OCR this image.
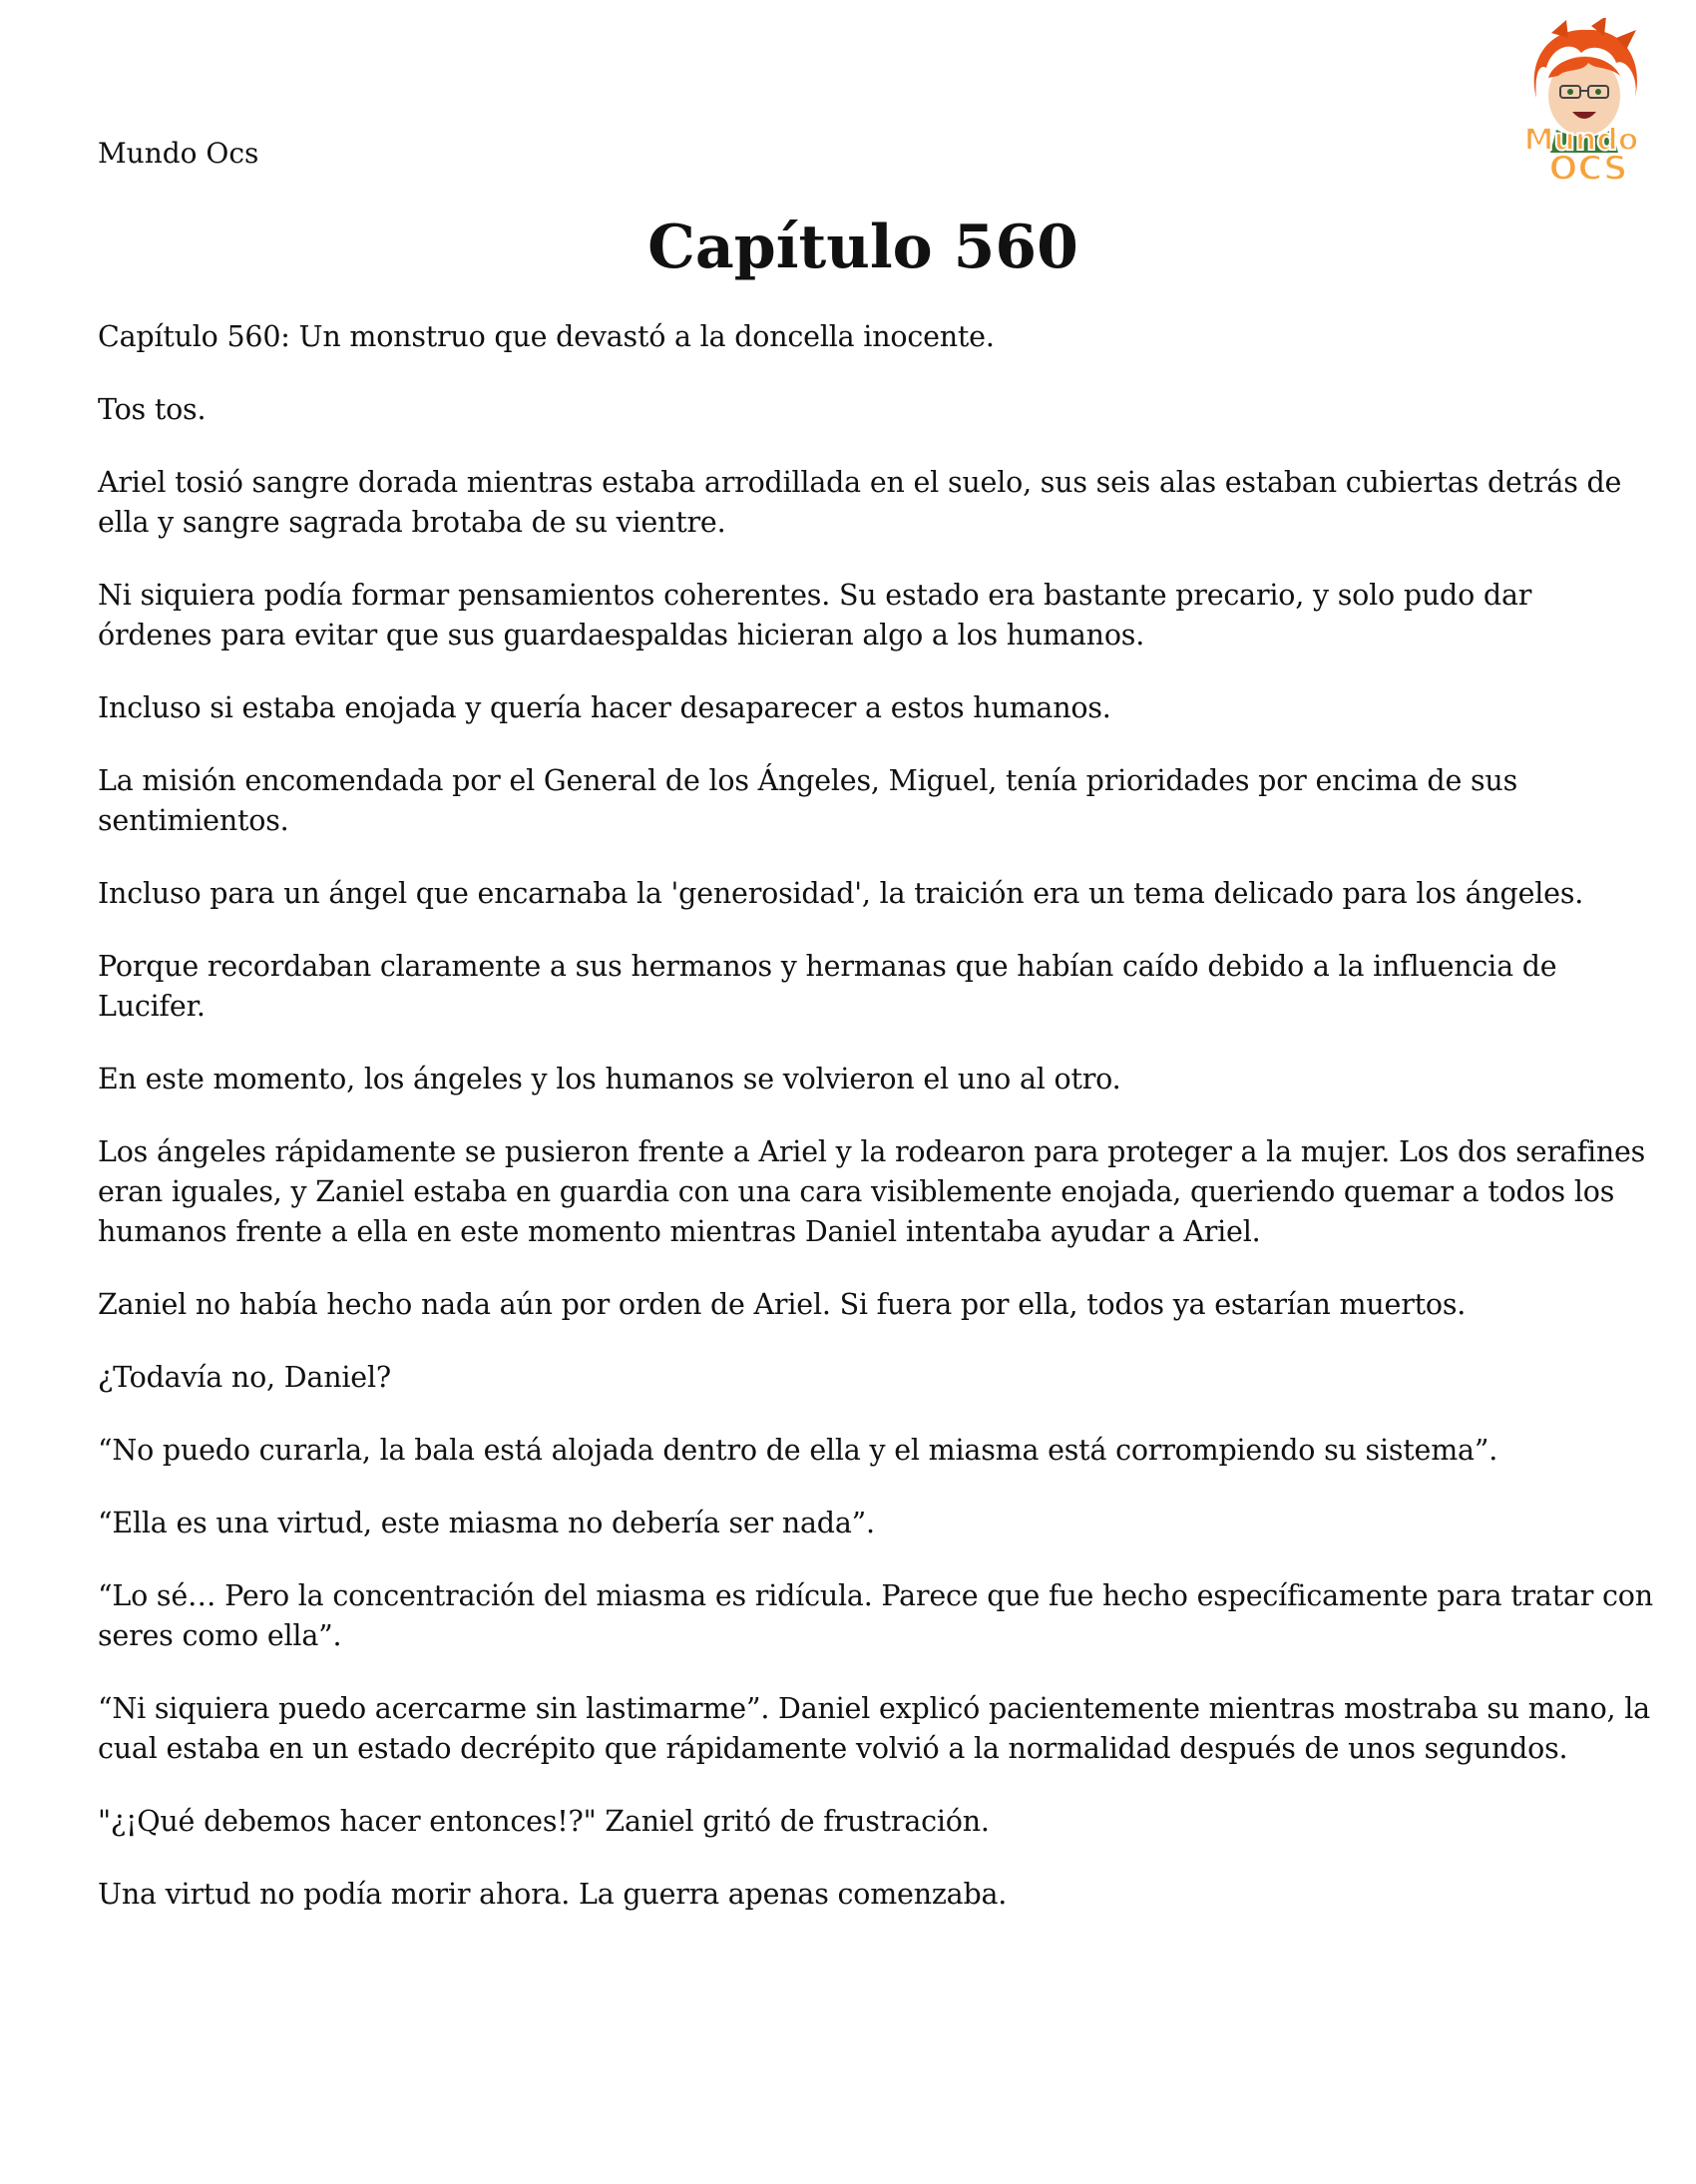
Mundo Ocs	Mundo
OCS
Capítulo 560

Capítulo 560: Un monstruo que devastó a la doncella inocente.

Tos tos.

Ariel tosió sangre dorada mientras estaba arrodillada en el suelo, sus seis alas estaban cubiertas detrás de ella y sangre sagrada brotaba de su vientre.

Ni siquiera podía formar pensamientos coherentes. Su estado era bastante precario, y solo pudo dar órdenes para evitar que sus guardaespaldas hicieran algo a los humanos.

Incluso si estaba enojada y quería hacer desaparecer a estos humanos.

La misión encomendada por el General de los Ángeles, Miguel, tenía prioridades por encima de sus sentimientos.

Incluso para un ángel que encarnaba la 'generosidad', la traición era un tema delicado para los ángeles.

Porque recordaban claramente a sus hermanos y hermanas que habían caído debido a la influencia de Lucifer.

En este momento, los ángeles y los humanos se volvieron el uno al otro.

Los ángeles rápidamente se pusieron frente a Ariel y la rodearon para proteger a la mujer. Los dos serafines eran iguales, y Zaniel estaba en guardia con una cara visiblemente enojada, queriendo quemar a todos los humanos frente a ella en este momento mientras Daniel intentaba ayudar a Ariel.

Zaniel no había hecho nada aún por orden de Ariel. Si fuera por ella, todos ya estarían muertos.

¿Todavía no, Daniel?

“No puedo curarla, la bala está alojada dentro de ella y el miasma está corrompiendo su sistema”.

“Ella es una virtud, este miasma no debería ser nada”.

“Lo sé… Pero la concentración del miasma es ridícula. Parece que fue hecho específicamente para tratar con seres como ella”.

“Ni siquiera puedo acercarme sin lastimarme”. Daniel explicó pacientemente mientras mostraba su mano, la cual estaba en un estado decrépito que rápidamente volvió a la normalidad después de unos segundos.

"¿¡Qué debemos hacer entonces!?" Zaniel gritó de frustración.

Una virtud no podía morir ahora. La guerra apenas comenzaba.
